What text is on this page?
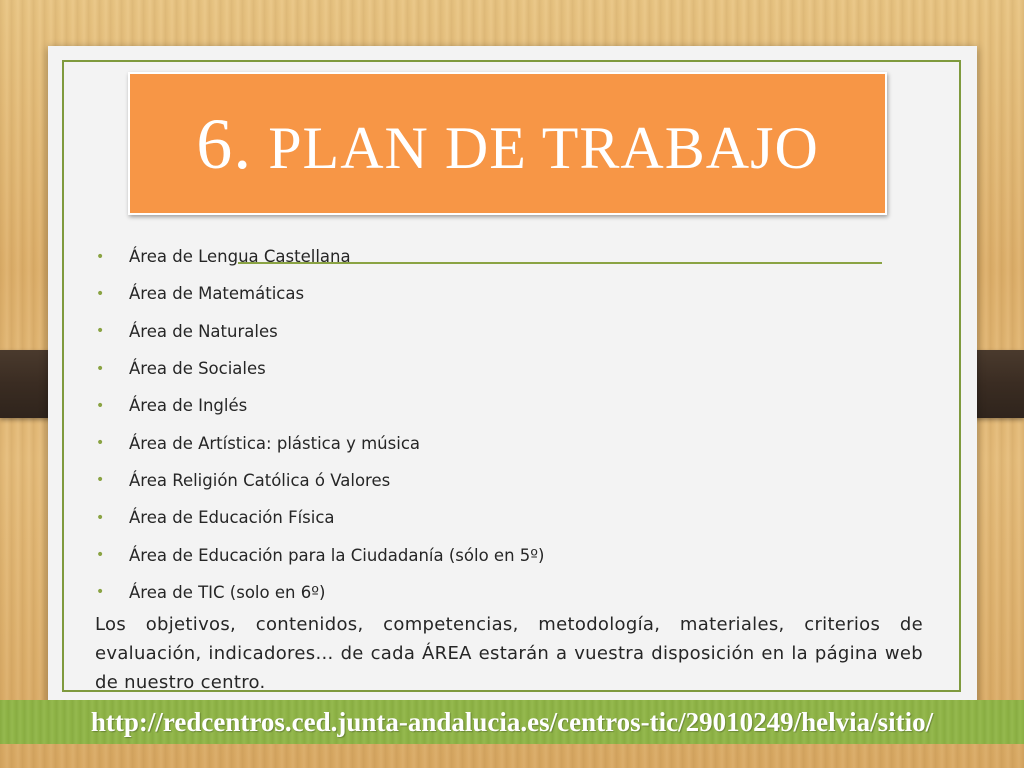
6. PLAN DE TRABAJO
•	Área de Lengua Castellana
•	Área de Matemáticas
•	Área de Naturales
•	Área de Sociales
•	Área de Inglés
•	Área de Artística: plástica y música
•	Área Religión Católica ó Valores
•	Área de Educación Física
•	Área de Educación para la Ciudadanía (sólo en 5º)
•	Área de TIC (solo en 6º)

Los objetivos, contenidos, competencias, metodología, materiales, criterios de evaluación, indicadores… de cada ÁREA estarán a vuestra disposición en la página web de nuestro centro.

http://redcentros.ced.junta-andalucia.es/centros-tic/29010249/helvia/sitio/
